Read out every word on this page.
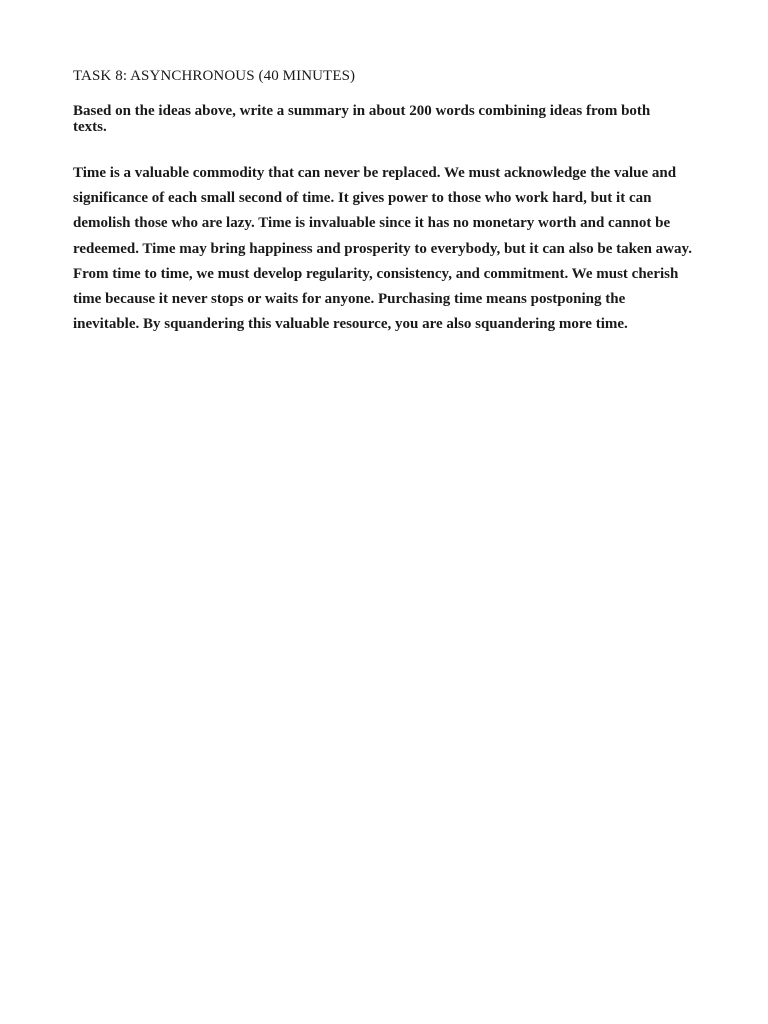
TASK 8: ASYNCHRONOUS (40 MINUTES)

Based on the ideas above, write a summary in about 200 words combining ideas from both texts.

Time is a valuable commodity that can never be replaced. We must acknowledge the value and significance of each small second of time. It gives power to those who work hard, but it can demolish those who are lazy. Time is invaluable since it has no monetary worth and cannot be redeemed. Time may bring happiness and prosperity to everybody, but it can also be taken away. From time to time, we must develop regularity, consistency, and commitment. We must cherish time because it never stops or waits for anyone. Purchasing time means postponing the inevitable. By squandering this valuable resource, you are also squandering more time.
